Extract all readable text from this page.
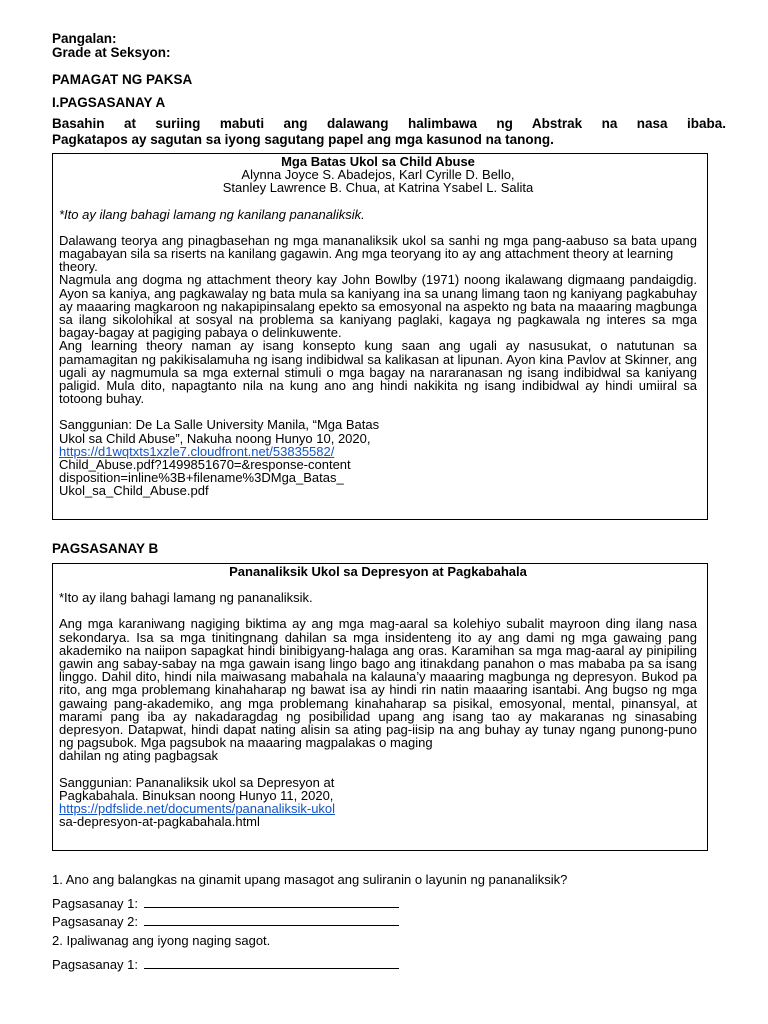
Pangalan:
Grade at Seksyon:
PAMAGAT NG PAKSA
I.PAGSASANAY A
Basahin at suriing mabuti ang dalawang halimbawa ng Abstrak na nasa ibaba.
Pagkatapos ay sagutan sa iyong sagutang papel ang mga kasunod na tanong.
Mga Batas Ukol sa Child Abuse
Alynna Joyce S. Abadejos, Karl Cyrille D. Bello,
Stanley Lawrence B. Chua, at Katrina Ysabel L. Salita
*Ito ay ilang bahagi lamang ng kanilang pananaliksik.
Dalawang teorya ang pinagbasehan ng mga mananaliksik ukol sa sanhi ng mga pang-aabuso sa bata upang magabayan sila sa riserts na kanilang gagawin. Ang mga teoryang ito ay ang attachment theory at learning
theory.
Nagmula ang dogma ng attachment theory kay John Bowlby (1971) noong ikalawang digmaang pandaigdig. Ayon sa kaniya, ang pagkawalay ng bata mula sa kaniyang ina sa unang limang taon ng kaniyang pagkabuhay ay maaaring magkaroon ng nakapipinsalang epekto sa emosyonal na aspekto ng bata na maaaring magbunga sa ilang sikolohikal at sosyal na problema sa kaniyang paglaki, kagaya ng pagkawala ng interes sa mga bagay-bagay at pagiging pabaya o delinkuwente.
Ang learning theory naman ay isang konsepto kung saan ang ugali ay nasusukat, o natutunan sa pamamagitan ng pakikisalamuha ng isang indibidwal sa kalikasan at lipunan. Ayon kina Pavlov at Skinner, ang ugali ay nagmumula sa mga external stimuli o mga bagay na nararanasan ng isang indibidwal sa kaniyang paligid. Mula dito, napagtanto nila na kung ano ang hindi nakikita ng isang indibidwal ay hindi umiiral sa totoong buhay.
Sanggunian: De La Salle University Manila, “Mga Batas
Ukol sa Child Abuse”, Nakuha noong Hunyo 10, 2020,
https://d1wqtxts1xzle7.cloudfront.net/53835582/
Child_Abuse.pdf?1499851670=&response-content
disposition=inline%3B+filename%3DMga_Batas_
Ukol_sa_Child_Abuse.pdf
PAGSASANAY B
Pananaliksik Ukol sa Depresyon at Pagkabahala
*Ito ay ilang bahagi lamang ng pananaliksik.
Ang mga karaniwang nagiging biktima ay ang mga mag-aaral sa kolehiyo subalit mayroon ding ilang nasa sekondarya. Isa sa mga tinitingnang dahilan sa mga insidenteng ito ay ang dami ng mga gawaing pang akademiko na naiipon sapagkat hindi binibigyang-halaga ang oras. Karamihan sa mga mag-aaral ay pinipiling gawin ang sabay-sabay na mga gawain isang lingo bago ang itinakdang panahon o mas mababa pa sa isang linggo. Dahil dito, hindi nila maiwasang mabahala na kalauna’y maaaring magbunga ng depresyon. Bukod pa rito, ang mga problemang kinahaharap ng bawat isa ay hindi rin natin maaaring isantabi. Ang bugso ng mga gawaing pang-akademiko, ang mga problemang kinahaharap sa pisikal, emosyonal, mental, pinansyal, at marami pang iba ay nakadaragdag ng posibilidad upang ang isang tao ay makaranas ng sinasabing depresyon. Datapwat, hindi dapat nating alisin sa ating pag-iisip na ang buhay ay tunay ngang punong-puno ng pagsubok. Mga pagsubok na maaaring magpalakas o maging
dahilan ng ating pagbagsak
Sanggunian: Pananaliksik ukol sa Depresyon at
Pagkabahala. Binuksan noong Hunyo 11, 2020,
https://pdfslide.net/documents/pananaliksik-ukol
sa-depresyon-at-pagkabahala.html
1. Ano ang balangkas na ginamit upang masagot ang suliranin o layunin ng pananaliksik?
Pagsasanay 1:
Pagsasanay 2:
2. Ipaliwanag ang iyong naging sagot.
Pagsasanay 1:
